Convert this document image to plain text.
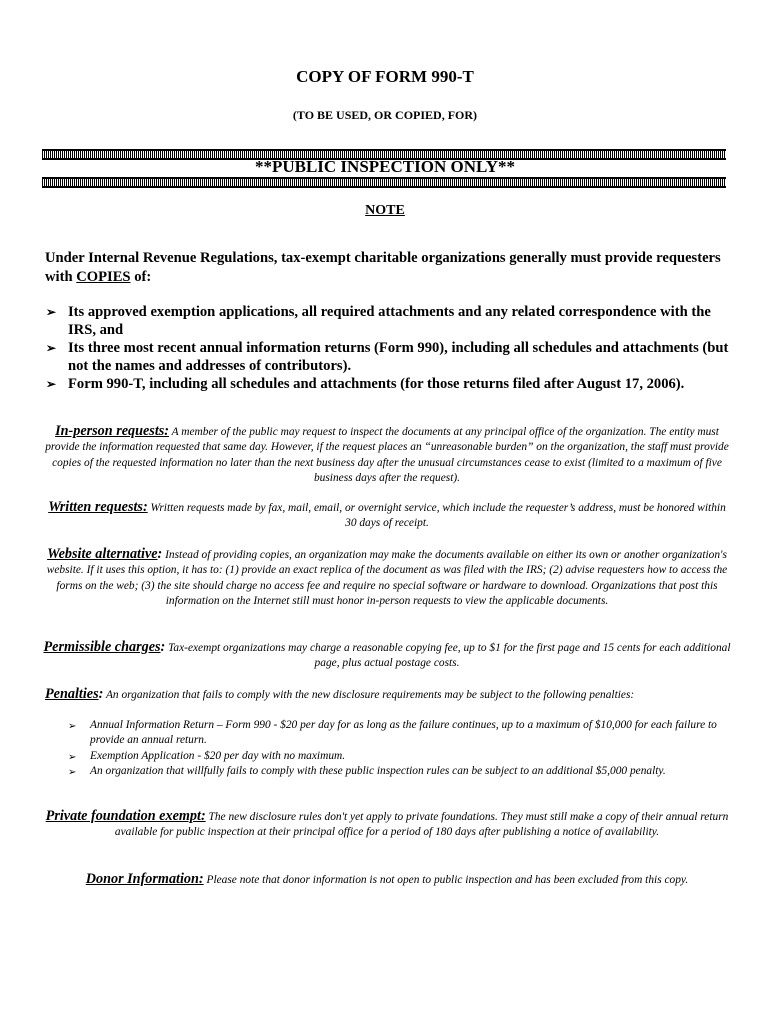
COPY OF FORM 990-T
(TO BE USED, OR COPIED, FOR)
**PUBLIC INSPECTION ONLY**
NOTE
Under Internal Revenue Regulations, tax-exempt charitable organizations generally must provide requesters with COPIES of:
➢ Its approved exemption applications, all required attachments and any related correspondence with the IRS, and
➢ Its three most recent annual information returns (Form 990), including all schedules and attachments (but not the names and addresses of contributors).
➢ Form 990-T, including all schedules and attachments (for those returns filed after August 17, 2006).
In-person requests: A member of the public may request to inspect the documents at any principal office of the organization. The entity must provide the information requested that same day. However, if the request places an “unreasonable burden” on the organization, the staff must provide copies of the requested information no later than the next business day after the unusual circumstances cease to exist (limited to a maximum of five business days after the request).
Written requests: Written requests made by fax, mail, email, or overnight service, which include the requester’s address, must be honored within 30 days of receipt.
Website alternative: Instead of providing copies, an organization may make the documents available on either its own or another organization's website. If it uses this option, it has to: (1) provide an exact replica of the document as was filed with the IRS; (2) advise requesters how to access the forms on the web; (3) the site should charge no access fee and require no special software or hardware to download. Organizations that post this information on the Internet still must honor in-person requests to view the applicable documents.
Permissible charges: Tax-exempt organizations may charge a reasonable copying fee, up to $1 for the first page and 15 cents for each additional page, plus actual postage costs.
Penalties: An organization that fails to comply with the new disclosure requirements may be subject to the following penalties:
➢ Annual Information Return – Form 990 - $20 per day for as long as the failure continues, up to a maximum of $10,000 for each failure to provide an annual return.
➢ Exemption Application - $20 per day with no maximum.
➢ An organization that willfully fails to comply with these public inspection rules can be subject to an additional $5,000 penalty.
Private foundation exempt: The new disclosure rules don't yet apply to private foundations. They must still make a copy of their annual return available for public inspection at their principal office for a period of 180 days after publishing a notice of availability.
Donor Information: Please note that donor information is not open to public inspection and has been excluded from this copy.
